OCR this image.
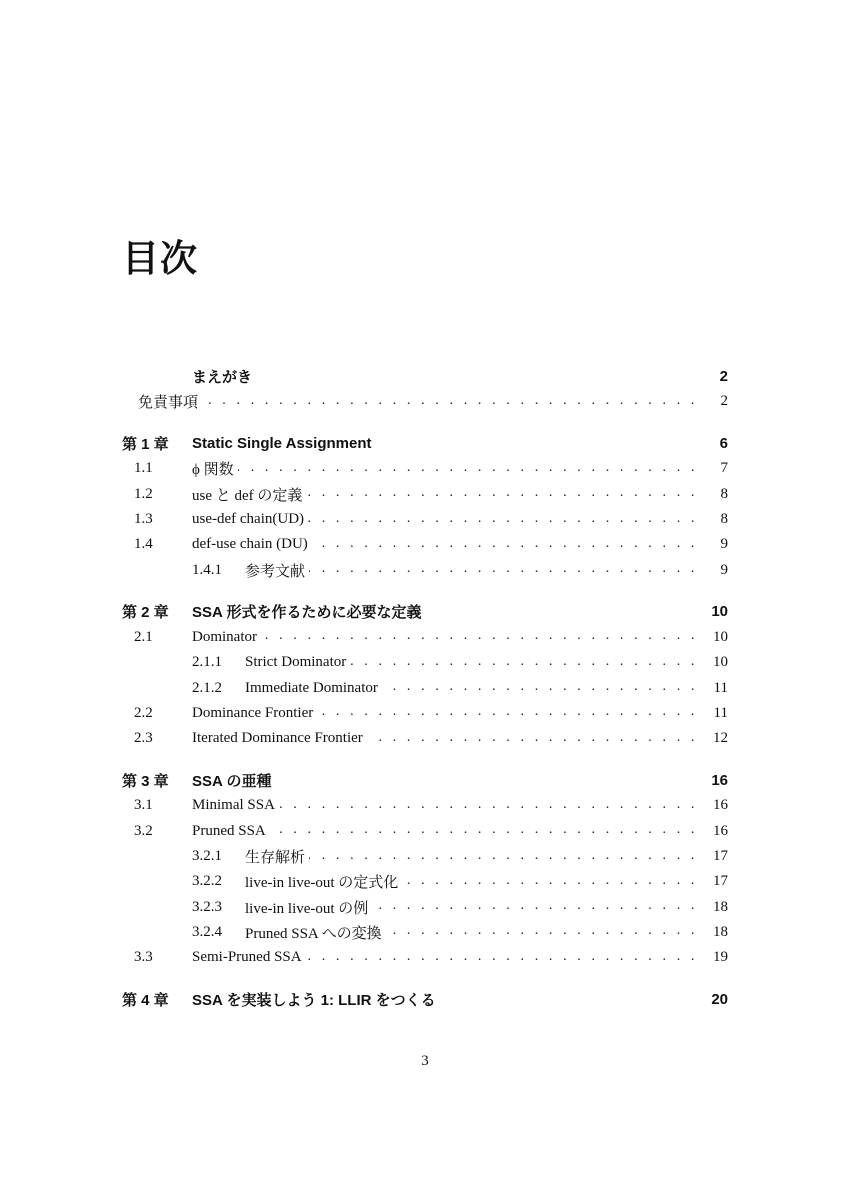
目次
まえがき	2
免責事項 . . .	2
第 1 章	Static Single Assignment	6
1.1	ϕ 関数 . . .	7
1.2	use と def の定義 . . .	8
1.3	use-def chain(UD) . . .	8
1.4	def-use chain (DU) . . .	9
1.4.1	参考文献 . . .	9
第 2 章	SSA 形式を作るために必要な定義	10
2.1	Dominator . . .	10
2.1.1	Strict Dominator . . .	10
2.1.2	Immediate Dominator . . .	11
2.2	Dominance Frontier . . .	11
2.3	Iterated Dominance Frontier . . .	12
第 3 章	SSA の亜種	16
3.1	Minimal SSA . . .	16
3.2	Pruned SSA . . .	16
3.2.1	生存解析 . . .	17
3.2.2	live-in live-out の定式化 . . .	17
3.2.3	live-in live-out の例 . . .	18
3.2.4	Pruned SSA への変換 . . .	18
3.3	Semi-Pruned SSA . . .	19
第 4 章	SSA を実装しよう 1: LLIR をつくる	20
3
